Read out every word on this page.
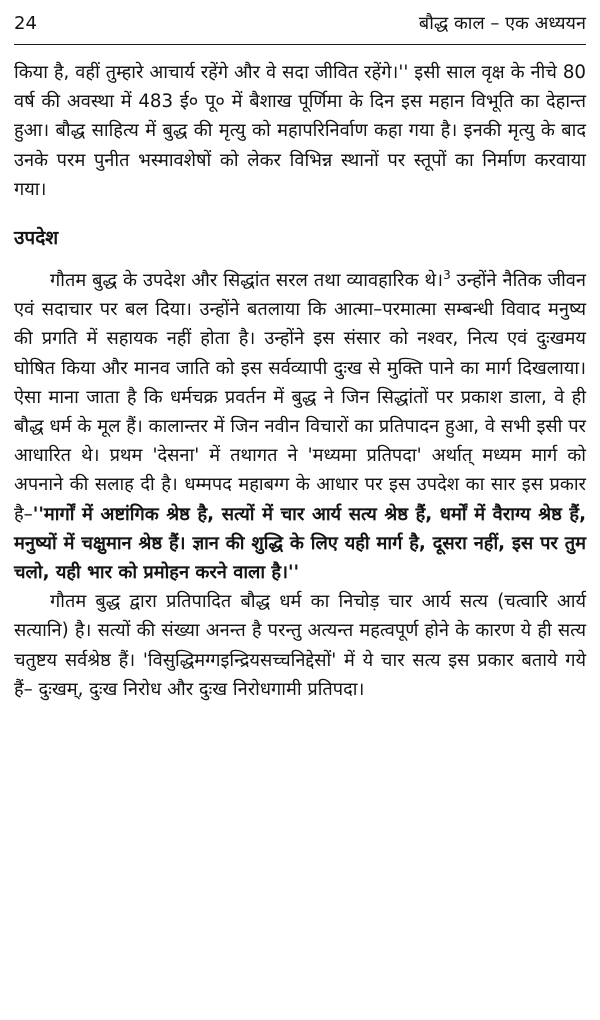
24	बौद्ध काल – एक अध्ययन

किया है, वहीं तुम्हारे आचार्य रहेंगे और वे सदा जीवित रहेंगे।'' इसी साल वृक्ष के नीचे 80 वर्ष की अवस्था में 483 ई० पू० में बैशाख पूर्णिमा के दिन इस महान विभूति का देहान्त हुआ। बौद्ध साहित्य में बुद्ध की मृत्यु को महापरिनिर्वाण कहा गया है। इनकी मृत्यु के बाद उनके परम पुनीत भस्मावशेषों को लेकर विभिन्न स्थानों पर स्तूपों का निर्माण करवाया गया।

उपदेश

गौतम बुद्ध के उपदेश और सिद्धांत सरल तथा व्यावहारिक थे।$^3$ उन्होंने नैतिक जीवन एवं सदाचार पर बल दिया। उन्होंने बतलाया कि आत्मा–परमात्मा सम्बन्धी विवाद मनुष्य की प्रगति में सहायक नहीं होता है। उन्होंने इस संसार को नश्वर, नित्य एवं दुःखमय घोषित किया और मानव जाति को इस सर्वव्यापी दुःख से मुक्ति पाने का मार्ग दिखलाया। ऐसा माना जाता है कि धर्मचक्र प्रवर्तन में बुद्ध ने जिन सिद्धांतों पर प्रकाश डाला, वे ही बौद्ध धर्म के मूल हैं। कालान्तर में जिन नवीन विचारों का प्रतिपादन हुआ, वे सभी इसी पर आधारित थे। प्रथम 'देसना' में तथागत ने 'मध्यमा प्रतिपदा' अर्थात् मध्यम मार्ग को अपनाने की सलाह दी है। धम्मपद महाबग्ग के आधार पर इस उपदेश का सार इस प्रकार है–''मार्गों में अष्टांगिक श्रेष्ठ है, सत्यों में चार आर्य सत्य श्रेष्ठ हैं, धर्मों में वैराग्य श्रेष्ठ हैं, मनुष्यों में चक्षुमान श्रेष्ठ हैं। ज्ञान की शुद्धि के लिए यही मार्ग है, दूसरा नहीं, इस पर तुम चलो, यही भार को प्रमोहन करने वाला है।''

गौतम बुद्ध द्वारा प्रतिपादित बौद्ध धर्म का निचोड़ चार आर्य सत्य (चत्वारि आर्य सत्यानि) है। सत्यों की संख्या अनन्त है परन्तु अत्यन्त महत्वपूर्ण होने के कारण ये ही सत्य चतुष्टय सर्वश्रेष्ठ हैं। 'विसुद्धिमग्गइन्द्रियसच्चनिद्देसों' में ये चार सत्य इस प्रकार बताये गये हैं– दुःखम्, दुःख निरोध और दुःख निरोधगामी प्रतिपदा।
